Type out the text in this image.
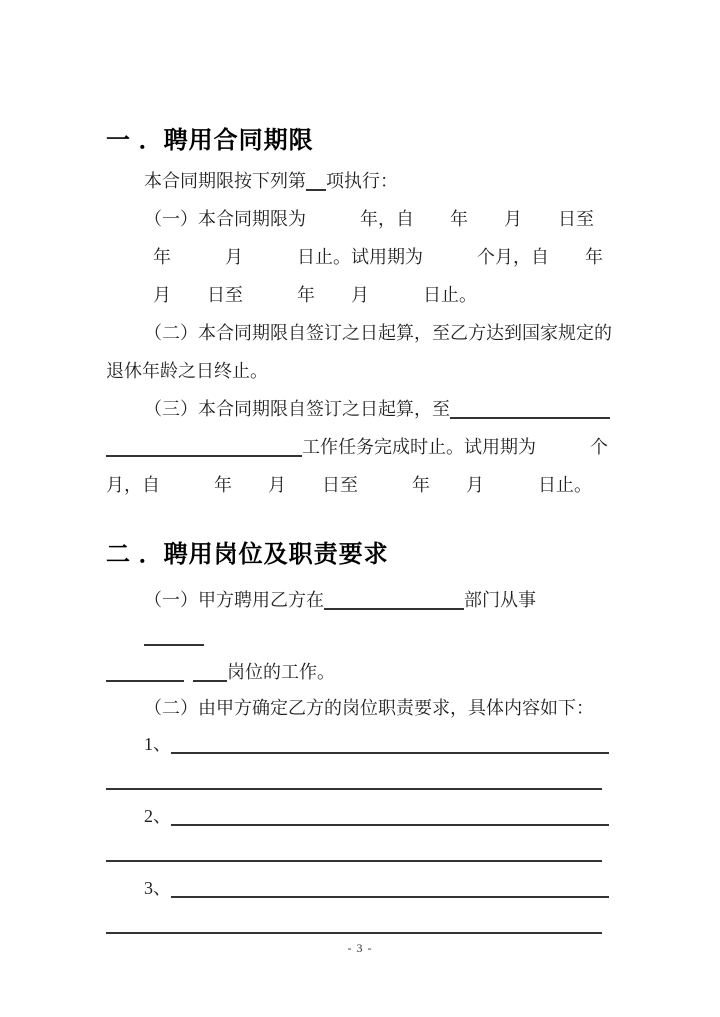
一 ．聘用合同期限
本合同期限按下列第 项执行：
（一）本合同期限为　　　年，自　　年　　月　　日至
年　　　月　　　日止。试用期为　　　个月，自　　年
月　　日至　　　年　　月　　　日止。
（二）本合同期限自签订之日起算，至乙方达到国家规定的
退休年龄之日终止。
（三）本合同期限自签订之日起算，至
工作任务完成时止。试用期为　　　个
月，自　　　年　　月　　日至　　　年　　月　　　日止。
二 ．聘用岗位及职责要求
（一）甲方聘用乙方在	部门从事　
岗位的工作。
（二）由甲方确定乙方的岗位职责要求，具体内容如下：
1、
2、
3、
- 3 -
